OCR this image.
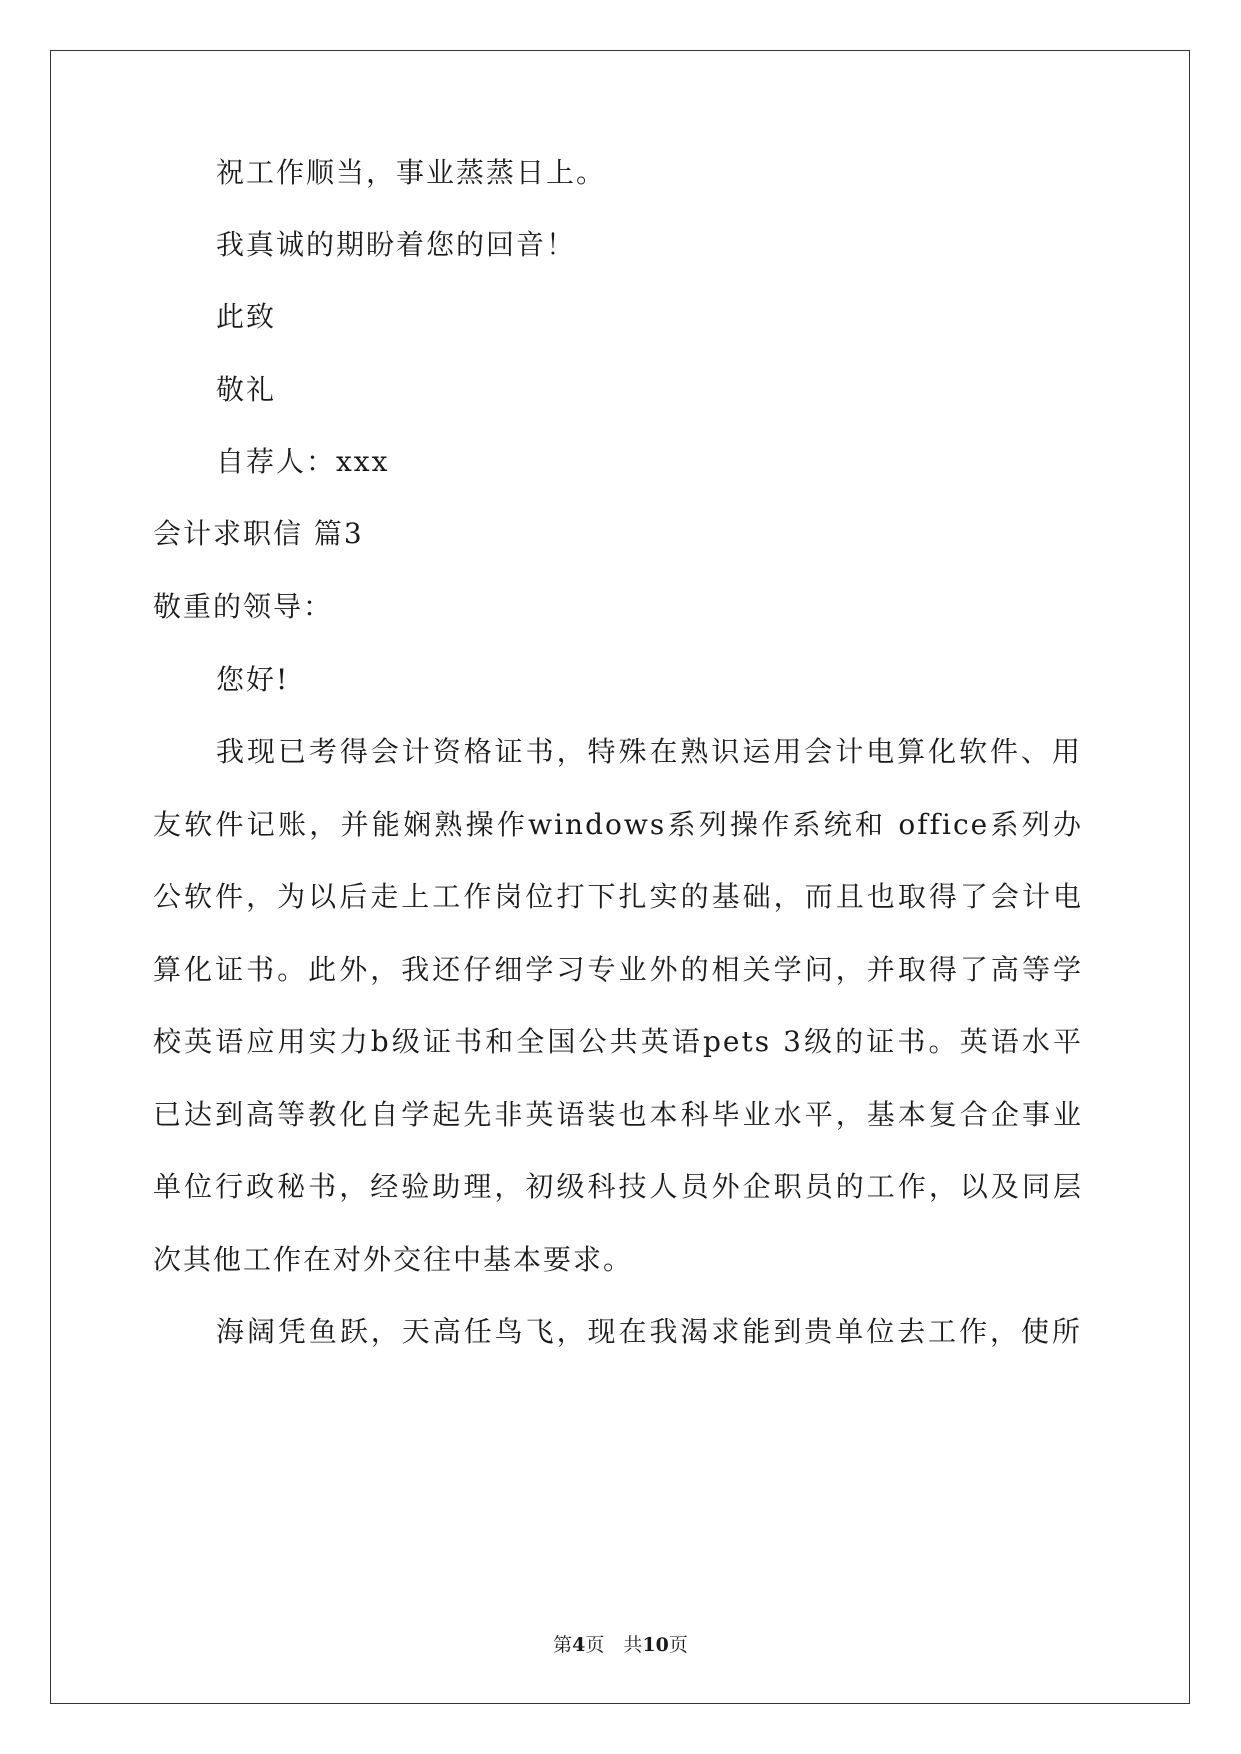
祝工作顺当，事业蒸蒸日上。
我真诚的期盼着您的回音！
此致
敬礼
自荐人：xxx
会计求职信 篇3
敬重的领导：
您好!
我现已考得会计资格证书，特殊在熟识运用会计电算化软件、用
友软件记账，并能娴熟操作windows系列操作系统和 office系列办
公软件，为以后走上工作岗位打下扎实的基础，而且也取得了会计电
算化证书。此外，我还仔细学习专业外的相关学问，并取得了高等学
校英语应用实力b级证书和全国公共英语pets 3级的证书。英语水平
已达到高等教化自学起先非英语装也本科毕业水平，基本复合企事业
单位行政秘书，经验助理，初级科技人员外企职员的工作，以及同层
次其他工作在对外交往中基本要求。
海阔凭鱼跃，天高任鸟飞，现在我渴求能到贵单位去工作，使所
第4页　共10页
